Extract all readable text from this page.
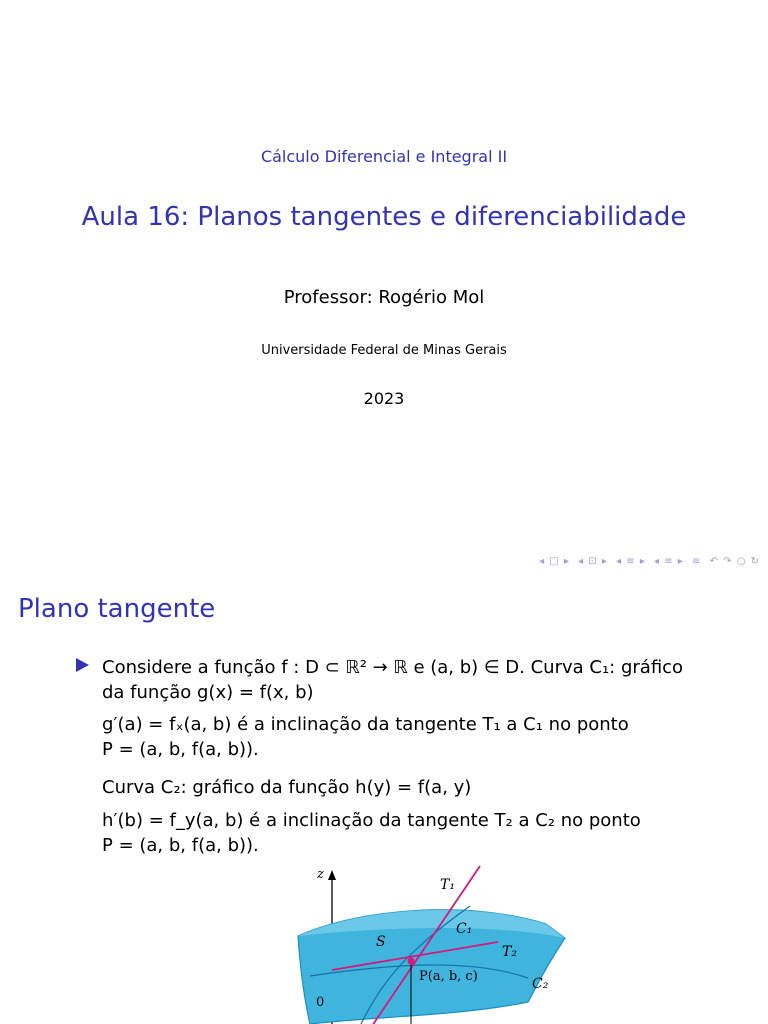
Cálculo Diferencial e Integral II
Aula 16: Planos tangentes e diferenciabilidade
Professor: Rogério Mol
Universidade Federal de Minas Gerais
2023
◂ □ ▸ ◂ ⊡ ▸ ◂ ≡ ▸ ◂ ≡ ▸ ≡ ↶ ↷ ○ ↻
Plano tangente
Considere a função f : D ⊂ ℝ² → ℝ e (a, b) ∈ D. Curva C₁: gráfico
da função g(x) = f(x, b)
g′(a) = fₓ(a, b) é a inclinação da tangente T₁ a C₁ no ponto
P = (a, b, f(a, b)).
Curva C₂: gráfico da função h(y) = f(a, y)
h′(b) = f_y(a, b) é a inclinação da tangente T₂ a C₂ no ponto
P = (a, b, f(a, b)).
z
T₁
C₁
S
T₂
P(a, b, c)	C₂
0
